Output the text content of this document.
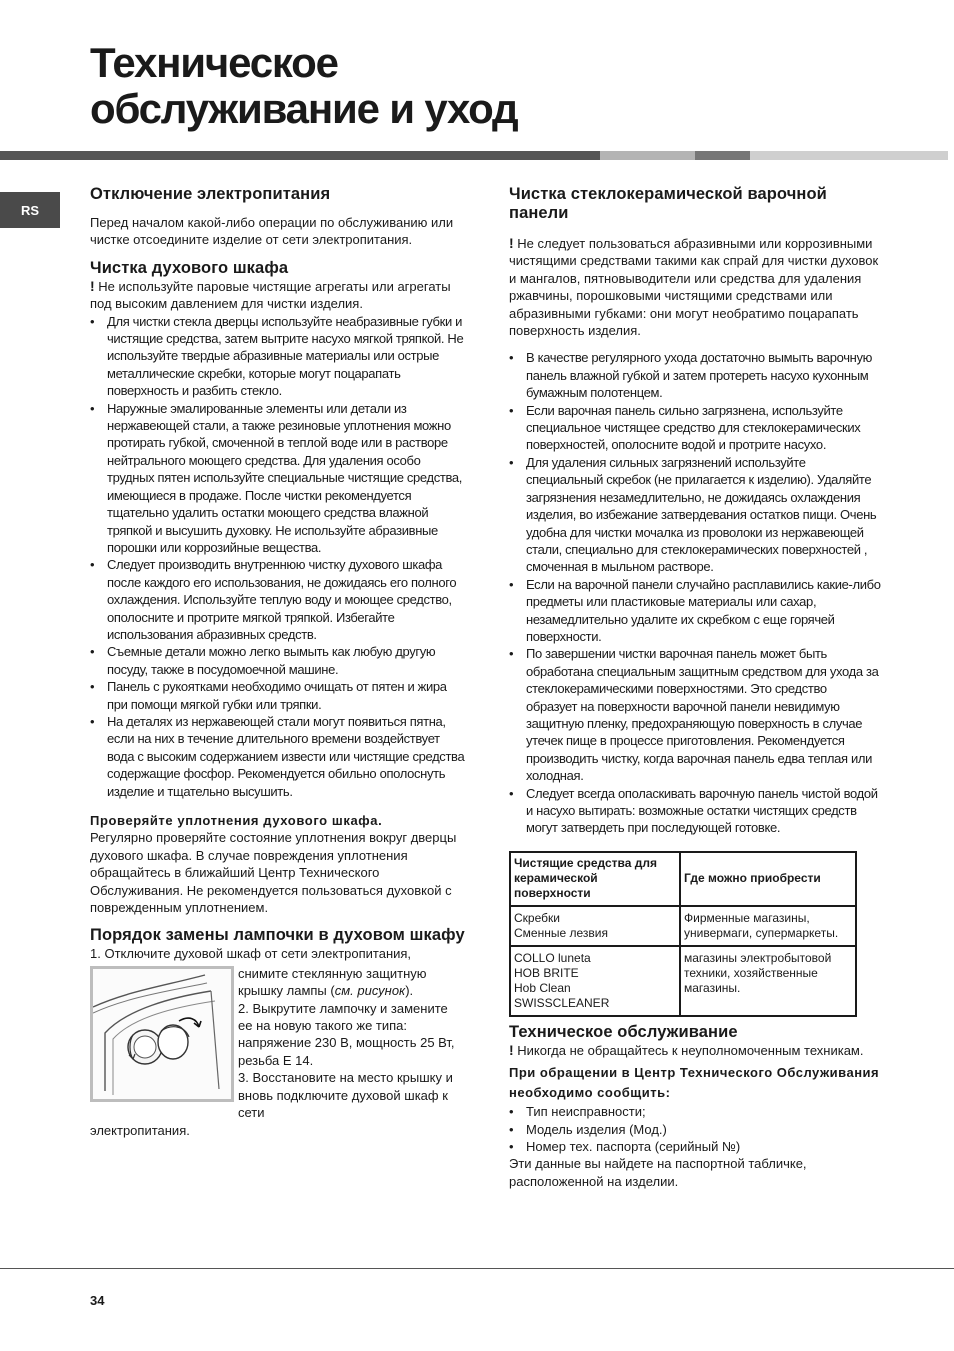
Техническое
обслуживание и уход
RS
Отключение электропитания

Перед началом какой-либо операции по обслуживанию или чистке отсоедините изделие от сети электропитания.

Чистка духового шкафа

! Не используйте паровые чистящие агрегаты или агрегаты под высоким давлением для чистки изделия.

• Для чистки стекла дверцы используйте неабразивные губки и чистящие средства, затем вытрите насухо мягкой тряпкой. Не используйте твердые абразивные материалы или острые металлические скребки, которые могут поцарапать поверхность и разбить стекло.
• Наружные эмалированные элементы или детали из нержавеющей стали, а также резиновые уплотнения можно протирать губкой, смоченной в теплой воде или в растворе нейтрального моющего средства. Для удаления особо трудных пятен используйте специальные чистящие средства, имеющиеся в продаже. После чистки рекомендуется тщательно удалить остатки моющего средства влажной тряпкой и высушить духовку. Не используйте абразивные порошки или коррозийные вещества.
• Следует производить внутреннюю чистку духового шкафа после каждого его использования, не дожидаясь его полного охлаждения. Используйте теплую воду и моющее средство, ополосните и протрите мягкой тряпкой. Избегайте использования абразивных средств.
• Съемные детали можно легко вымыть как любую другую посуду, также в посудомоечной машине.
• Панель с рукоятками необходимо очищать от пятен и жира при помощи мягкой губки или тряпки.
• На деталях из нержавеющей стали могут появиться пятна, если на них в течение длительного времени воздействует вода с высоким содержанием извести или чистящие средства содержащие фосфор. Рекомендуется обильно ополоснуть изделие и тщательно высушить.

Проверяйте уплотнения духового шкафа.

Регулярно проверяйте состояние уплотнения вокруг дверцы духового шкафа. В случае повреждения уплотнения обращайтесь в ближайший Центр Технического Обслуживания. Не рекомендуется пользоваться духовкой с поврежденным уплотнением.

Порядок замены лампочки в духовом шкафу

1. Отключите духовой шкаф от сети электропитания,

снимите стеклянную защитную крышку лампы (см. рисунок).

2. Выкрутите лампочку и замените ее на новую такого же типа: напряжение 230 В, мощность 25 Вт, резьба Е 14.

3. Восстановите на место крышку и вновь подключите духовой шкаф к сети

электропитания.

Чистка стеклокерамической варочной панели

! Не следует пользоваться абразивными или коррозивными чистящими средствами такими как спрай для чистки духовок и мангалов, пятновыводители или средства для удаления ржавчины, порошковыми чистящими средствами или абразивными губками: они могут необратимо поцарапать поверхность изделия.

• В качестве регулярного ухода достаточно вымыть варочную панель влажной губкой и затем протереть насухо кухонным бумажным полотенцем.
• Если варочная панель сильно загрязнена, используйте специальное чистящее средство для стеклокерамических поверхностей, ополосните водой и протрите насухо.
• Для удаления сильных загрязнений используйте специальный скребок (не прилагается к изделию). Удаляйте загрязнения незамедлительно, не дожидаясь охлаждения изделия, во избежание затвердевания остатков пищи. Очень удобна для чистки мочалка из проволоки из нержавеющей стали, специально для стеклокерамических поверхностей , смоченная в мыльном растворе.
• Если на варочной панели случайно расплавились какие-либо предметы или пластиковые материалы или сахар, незамедлительно удалите их скребком с еще горячей поверхности.
• По завершении чистки варочная панель может быть обработана специальным защитным средством для ухода за стеклокерамическими поверхностями. Это средство образует на поверхности варочной панели невидимую защитную пленку, предохраняющую поверхность в случае утечек пище в процессе приготовления. Рекомендуется производить чистку, когда варочная панель едва теплая или холодная.
• Следует всегда ополаскивать варочную панель чистой водой и насухо вытирать: возможные остатки чистящих средств могут затвердеть при последующей готовке.
Чистящие средства для керамической поверхности	Где можно приобрести

Скребки
Сменные лезвия	Фирменные магазины, универмаги, супермаркеты.

COLLO luneta
HOB BRITE
Hob Clean
SWISSCLEANER	магазины электробытовой техники, хозяйственные магазины.
Техническое обслуживание

! Никогда не обращайтесь к неуполномоченным техникам.

При обращении в Центр Технического Обслуживания необходимо сообщить:

• Тип неисправности;
• Модель изделия (Мод.)
• Номер тех. паспорта (серийный №)

Эти данные вы найдете на паспортной табличке, расположенной на изделии.

34
